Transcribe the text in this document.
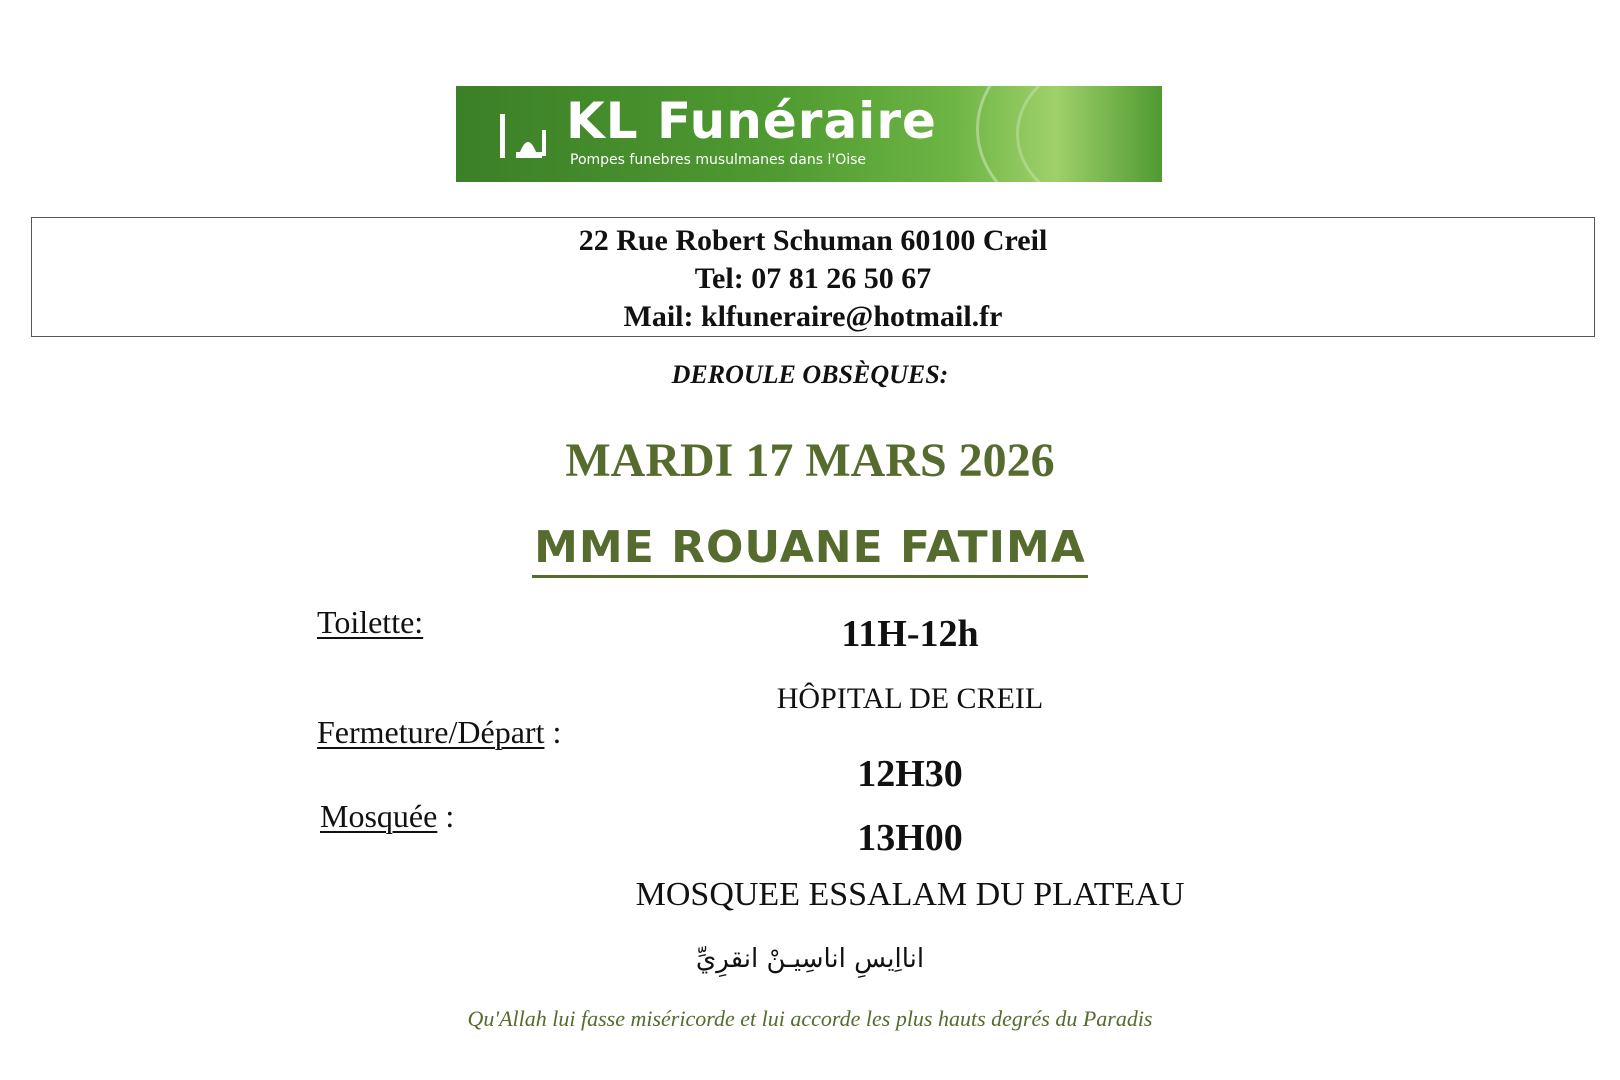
KL Funéraire
Pompes funebres musulmanes dans l'Oise
22 Rue Robert Schuman 60100 Creil
Tel: 07 81 26 50 67
Mail: klfuneraire@hotmail.fr
DEROULE OBSÈQUES:
MARDI 17 MARS 2026
MME ROUANE FATIMA
Toilette:	11H-12h
HÔPITAL DE CREIL
Fermeture/Départ :
12H30
Mosquée :
13H00
MOSQUEE ESSALAM DU PLATEAU
انااِيسِ اناسِيـنْ انقرِيِّ
Qu'Allah lui fasse miséricorde et lui accorde les plus hauts degrés du Paradis
